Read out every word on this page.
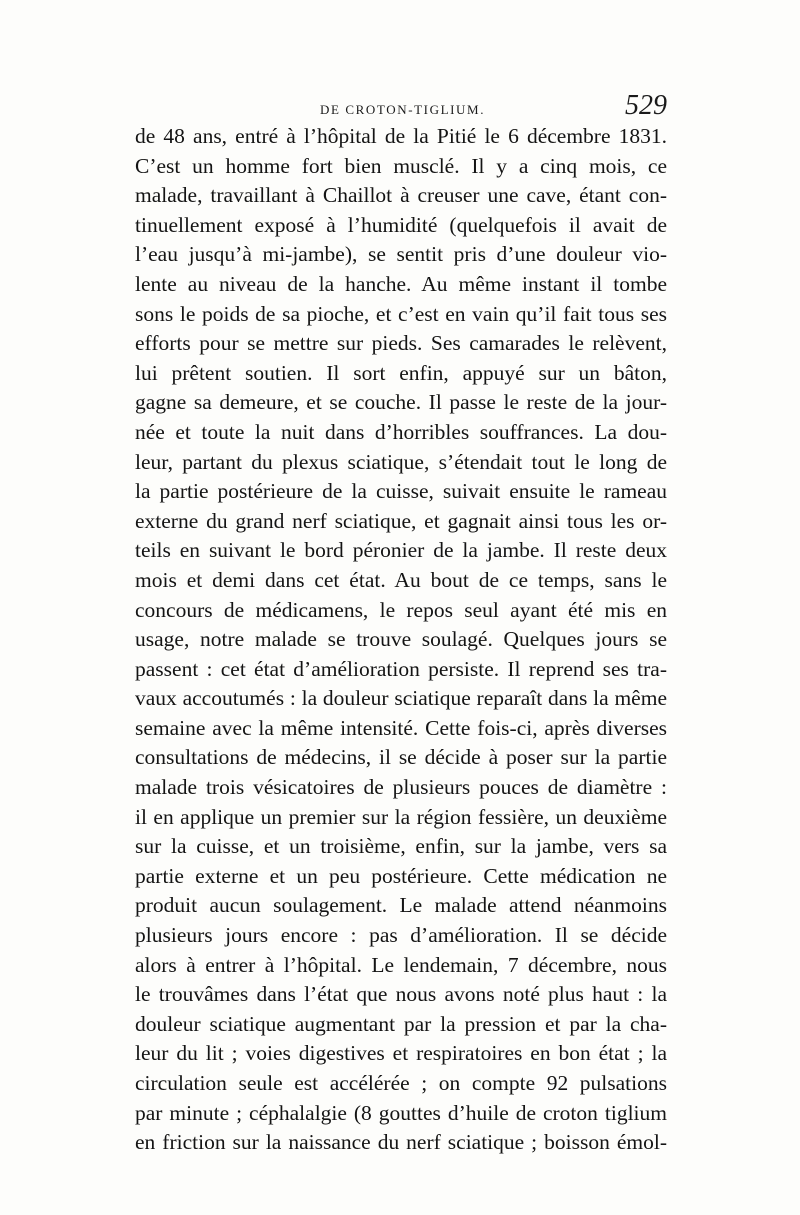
DE CROTON-TIGLIUM.	529
de 48 ans, entré à l’hôpital de la Pitié le 6 décembre 1831.
C’est un homme fort bien musclé. Il y a cinq mois, ce
malade, travaillant à Chaillot à creuser une cave, étant con-
tinuellement exposé à l’humidité (quelquefois il avait de
l’eau jusqu’à mi-jambe), se sentit pris d’une douleur vio-
lente au niveau de la hanche. Au même instant il tombe
sons le poids de sa pioche, et c’est en vain qu’il fait tous ses
efforts pour se mettre sur pieds. Ses camarades le relèvent,
lui prêtent soutien. Il sort enfin, appuyé sur un bâton,
gagne sa demeure, et se couche. Il passe le reste de la jour-
née et toute la nuit dans d’horribles souffrances. La dou-
leur, partant du plexus sciatique, s’étendait tout le long de
la partie postérieure de la cuisse, suivait ensuite le rameau
externe du grand nerf sciatique, et gagnait ainsi tous les or-
teils en suivant le bord péronier de la jambe. Il reste deux
mois et demi dans cet état. Au bout de ce temps, sans le
concours de médicamens, le repos seul ayant été mis en
usage, notre malade se trouve soulagé. Quelques jours se
passent : cet état d’amélioration persiste. Il reprend ses tra-
vaux accoutumés : la douleur sciatique reparaît dans la même
semaine avec la même intensité. Cette fois-ci, après diverses
consultations de médecins, il se décide à poser sur la partie
malade trois vésicatoires de plusieurs pouces de diamètre :
il en applique un premier sur la région fessière, un deuxième
sur la cuisse, et un troisième, enfin, sur la jambe, vers sa
partie externe et un peu postérieure. Cette médication ne
produit aucun soulagement. Le malade attend néanmoins
plusieurs jours encore : pas d’amélioration. Il se décide
alors à entrer à l’hôpital. Le lendemain, 7 décembre, nous
le trouvâmes dans l’état que nous avons noté plus haut : la
douleur sciatique augmentant par la pression et par la cha-
leur du lit ; voies digestives et respiratoires en bon état ; la
circulation seule est accélérée ; on compte 92 pulsations
par minute ; céphalalgie (8 gouttes d’huile de croton tiglium
en friction sur la naissance du nerf sciatique ; boisson émol-
